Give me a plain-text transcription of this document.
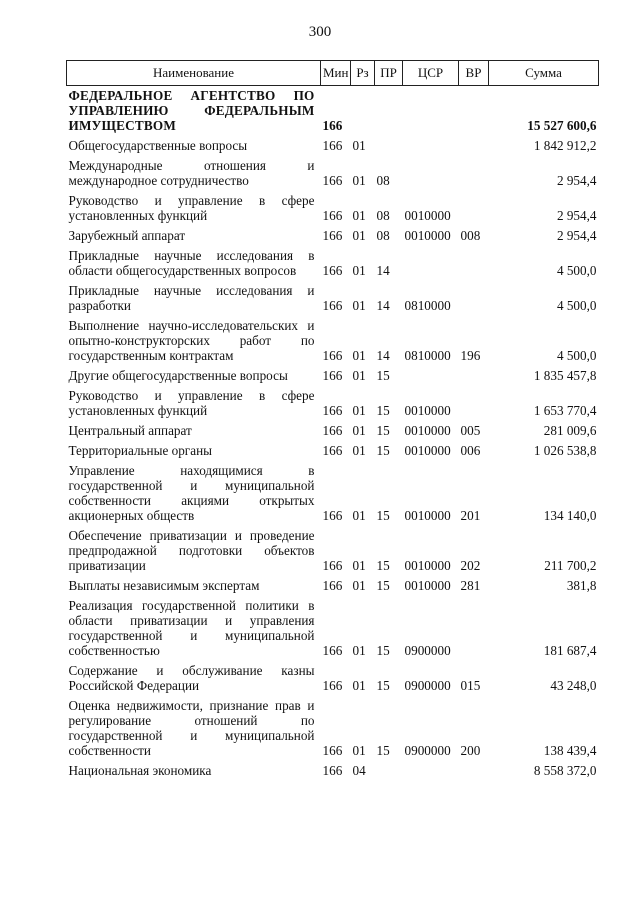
300
Наименование	Мин	Рз	ПР	ЦСР	ВР	Сумма
ФЕДЕРАЛЬНОЕ АГЕНТСТВО ПО УПРАВЛЕНИЮ ФЕДЕРАЛЬНЫМ ИМУЩЕСТВОМ	166					15 527 600,6
Общегосударственные вопросы	166	01				1 842 912,2
Международные отношения и международное сотрудничество	166	01	08			2 954,4
Руководство и управление в сфере установленных функций	166	01	08	0010000		2 954,4
Зарубежный аппарат	166	01	08	0010000	008	2 954,4
Прикладные научные исследования в области общегосударственных вопросов	166	01	14			4 500,0
Прикладные научные исследования и разработки	166	01	14	0810000		4 500,0
Выполнение научно-исследовательских и опытно-конструкторских работ по государственным контрактам	166	01	14	0810000	196	4 500,0
Другие общегосударственные вопросы	166	01	15			1 835 457,8
Руководство и управление в сфере установленных функций	166	01	15	0010000		1 653 770,4
Центральный аппарат	166	01	15	0010000	005	281 009,6
Территориальные органы	166	01	15	0010000	006	1 026 538,8
Управление находящимися в государственной и муниципальной собственности акциями открытых акционерных обществ	166	01	15	0010000	201	134 140,0
Обеспечение приватизации и проведение предпродажной подготовки объектов приватизации	166	01	15	0010000	202	211 700,2
Выплаты независимым экспертам	166	01	15	0010000	281	381,8
Реализация государственной политики в области приватизации и управления государственной и муниципальной собственностью	166	01	15	0900000		181 687,4
Содержание и обслуживание казны Российской Федерации	166	01	15	0900000	015	43 248,0
Оценка недвижимости, признание прав и регулирование отношений по государственной и муниципальной собственности	166	01	15	0900000	200	138 439,4
Национальная экономика	166	04				8 558 372,0
